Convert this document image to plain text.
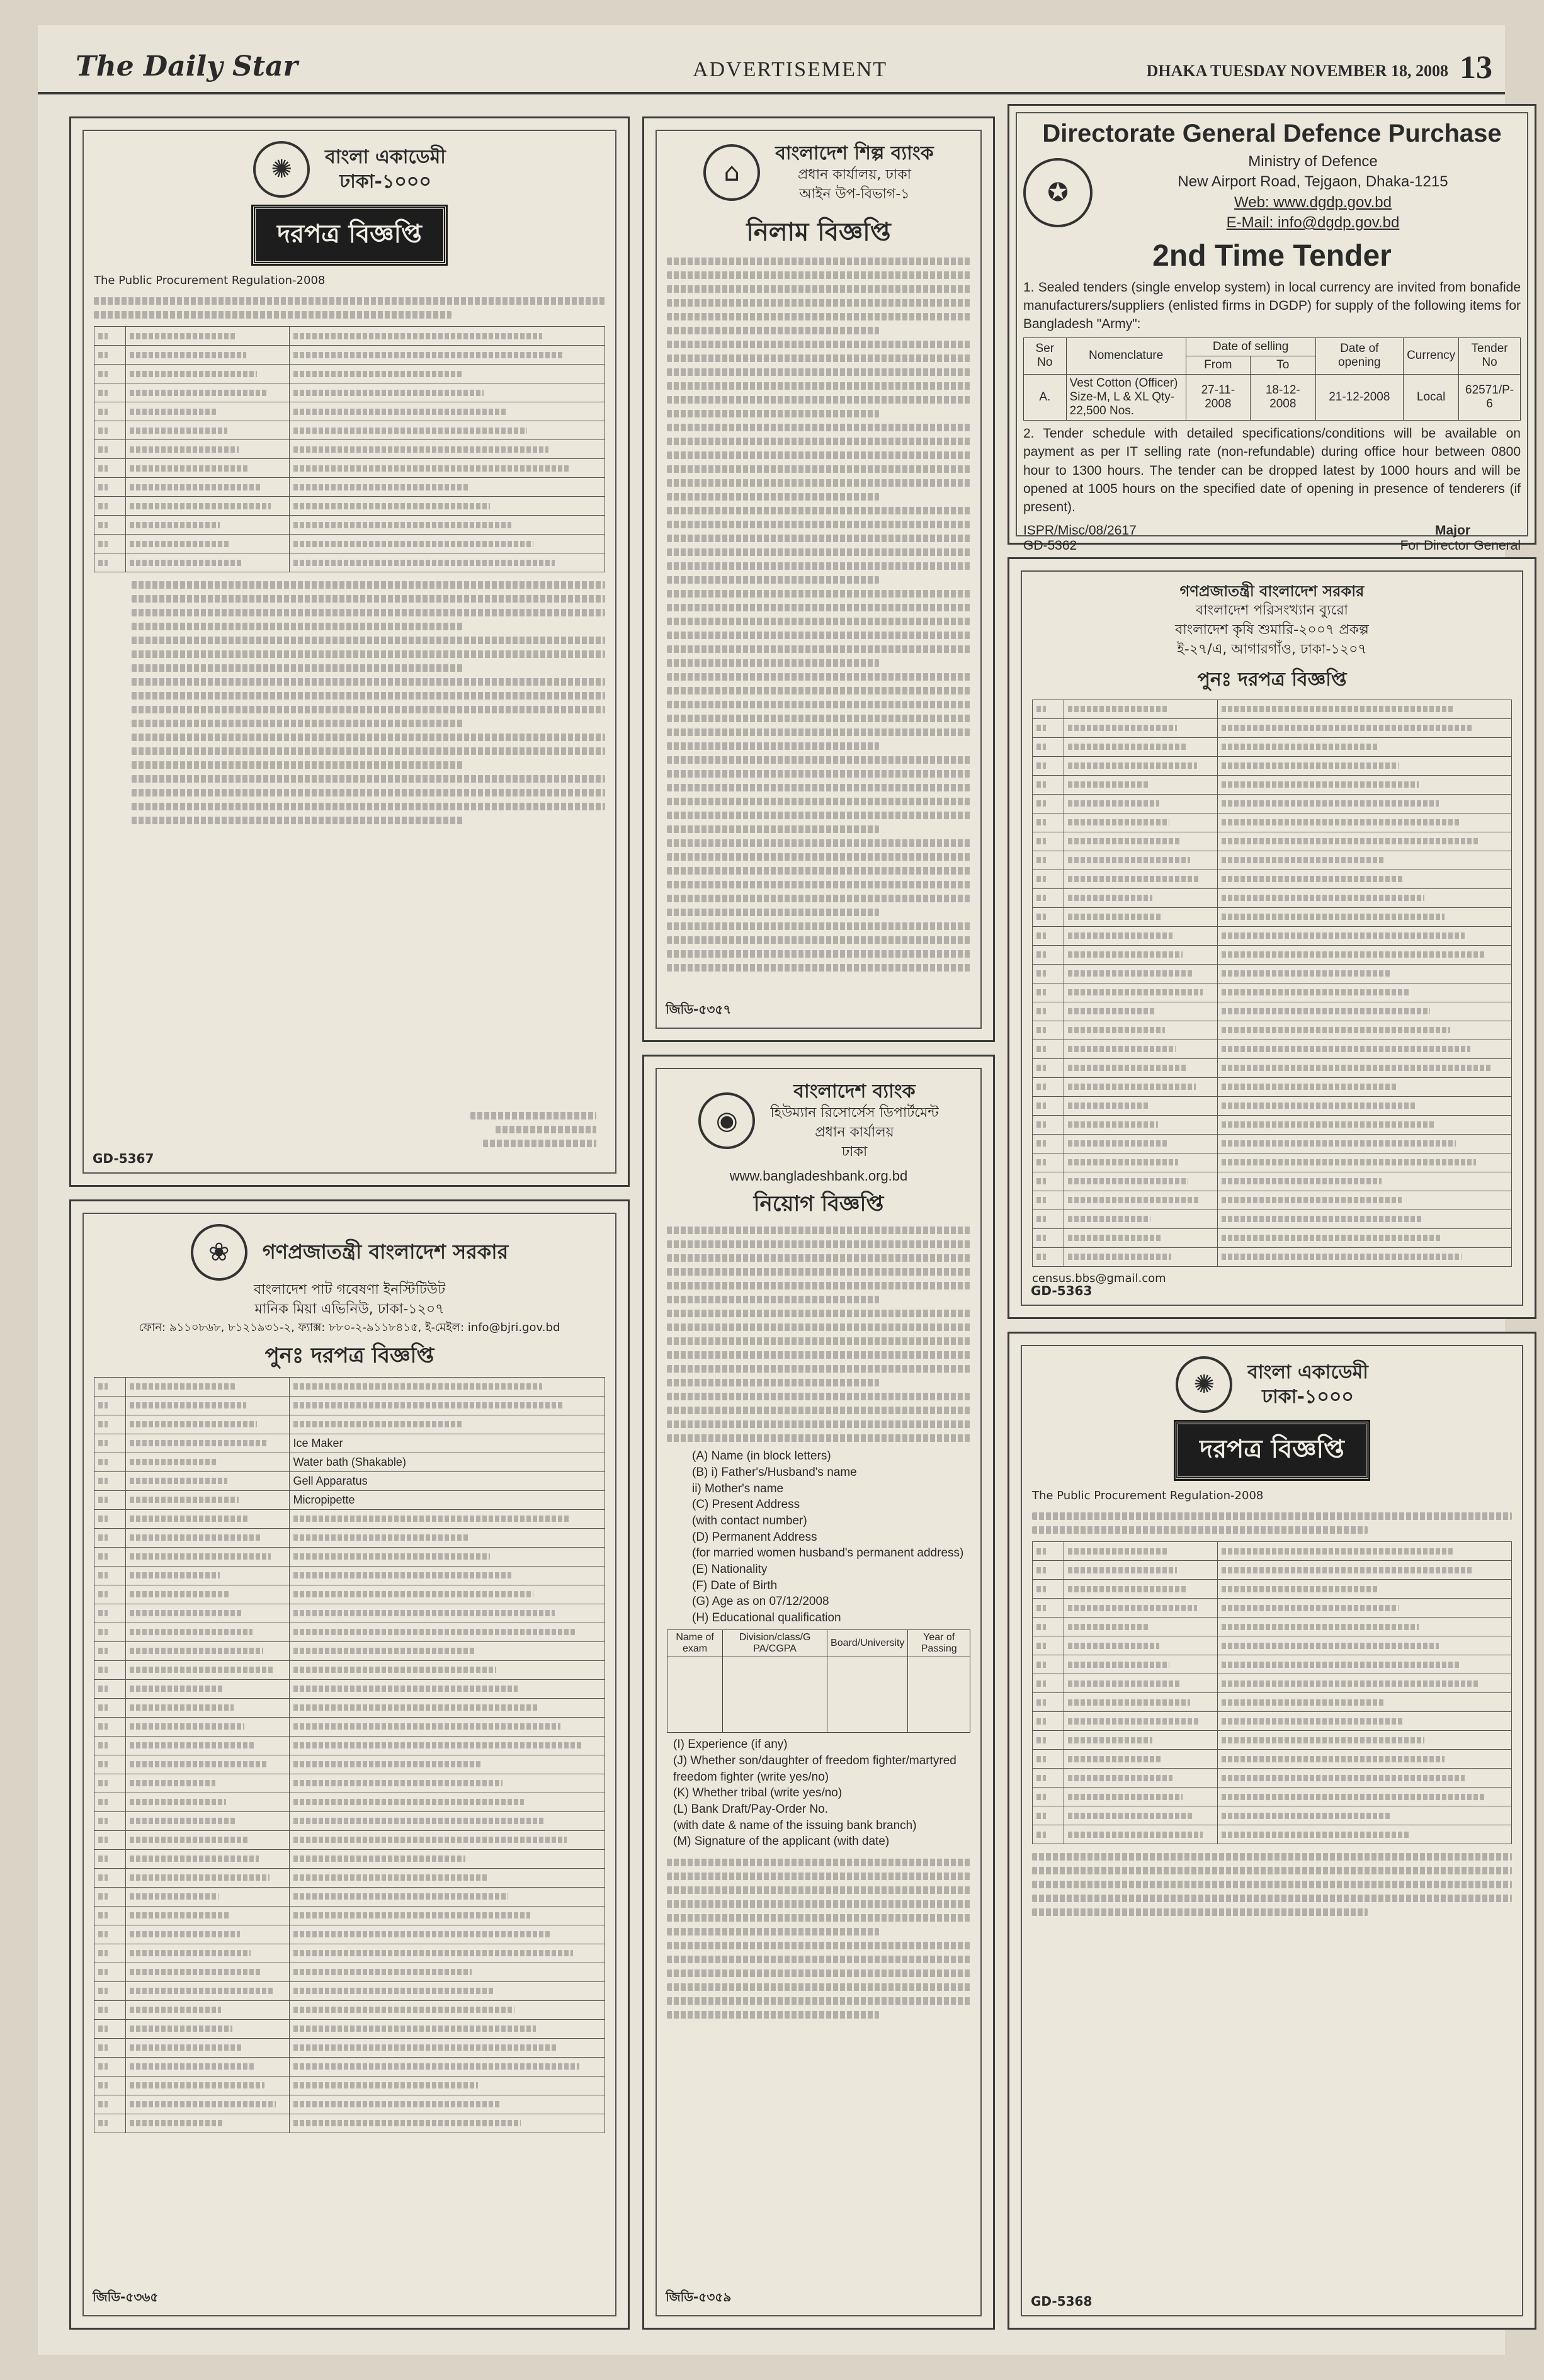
The Daily Star	ADVERTISEMENT	DHAKA TUESDAY NOVEMBER 18, 2008 13
✺	বাংলা একাডেমী
ঢাকা-১০০০
দরপত্র বিজ্ঞপ্তি
The Public Procurement Regulation-2008

GD-5367
⌂
বাংলাদেশ শিল্প ব্যাংক
প্রধান কার্যালয়, ঢাকা
আইন উপ-বিভাগ-১
নিলাম বিজ্ঞপ্তি
জিডি-৫৩৫৭
Directorate General Defence Purchase
✪
Ministry of Defence
New Airport Road, Tejgaon, Dhaka-1215
Web: www.dgdp.gov.bd
E-Mail: info@dgdp.gov.bd
2nd Time Tender
1. Sealed tenders (single envelop system) in local currency are invited from bonafide manufacturers/suppliers (enlisted firms in DGDP) for supply of the following items for Bangladesh "Army":
Ser No	Nomenclature	Date of selling		Date of opening	Currency	Tender No
		From	To			
A.	Vest Cotton (Officer) Size-M, L & XL Qty-22,500 Nos.	27-11-2008	18-12-2008	21-12-2008	Local	62571/P-6
2. Tender schedule with detailed specifications/conditions will be available on payment as per IT selling rate (non-refundable) during office hour between 0800 hour to 1300 hours. The tender can be dropped latest by 1000 hours and will be opened at 1005 hours on the specified date of opening in presence of tenderers (if present).
ISPR/Misc/08/2617	Major
GD-5362	For Director General
গণপ্রজাতন্ত্রী বাংলাদেশ সরকার
বাংলাদেশ পরিসংখ্যান ব্যুরো
বাংলাদেশ কৃষি শুমারি-২০০৭ প্রকল্প
ই-২৭/এ, আগারগাঁও, ঢাকা-১২০৭
পুনঃ দরপত্র বিজ্ঞপ্তি

census.bbs@gmail.com
GD-5363
◉
বাংলাদেশ ব্যাংক
হিউম্যান রিসোর্সেস ডিপার্টমেন্ট
প্রধান কার্যালয়
ঢাকা
www.bangladeshbank.org.bd
নিয়োগ বিজ্ঞপ্তি
(A) Name (in block letters)
(B) i) Father's/Husband's name
ii) Mother's name
(C) Present Address
(with contact number)
(D) Permanent Address
(for married women husband's permanent address)
(E) Nationality
(F) Date of Birth
(G) Age as on 07/12/2008
(H) Educational qualification
Name of exam	Division/class/G PA/CGPA	Board/University	Year of Passing

(I) Experience (if any)
(J) Whether son/daughter of freedom fighter/martyred freedom fighter (write yes/no)
(K) Whether tribal (write yes/no)
(L) Bank Draft/Pay-Order No.
(with date & name of the issuing bank branch)
(M) Signature of the applicant (with date)
জিডি-৫৩৫৯
❀	গণপ্রজাতন্ত্রী বাংলাদেশ সরকার
বাংলাদেশ পাট গবেষণা ইনস্টিটিউট
মানিক মিয়া এভিনিউ, ঢাকা-১২০৭
ফোন: ৯১১০৮৬৮, ৮১২১৯৩১-২, ফ্যাক্স: ৮৮০-২-৯১১৮৪১৫, ই-মেইল: info@bjri.gov.bd
পুনঃ দরপত্র বিজ্ঞপ্তি

	Ice Maker

	Water bath (Shakable)

	Gell Apparatus

	Micropipette

জিডি-৫৩৬৫
✺	বাংলা একাডেমী
ঢাকা-১০০০
দরপত্র বিজ্ঞপ্তি
The Public Procurement Regulation-2008

GD-5368
